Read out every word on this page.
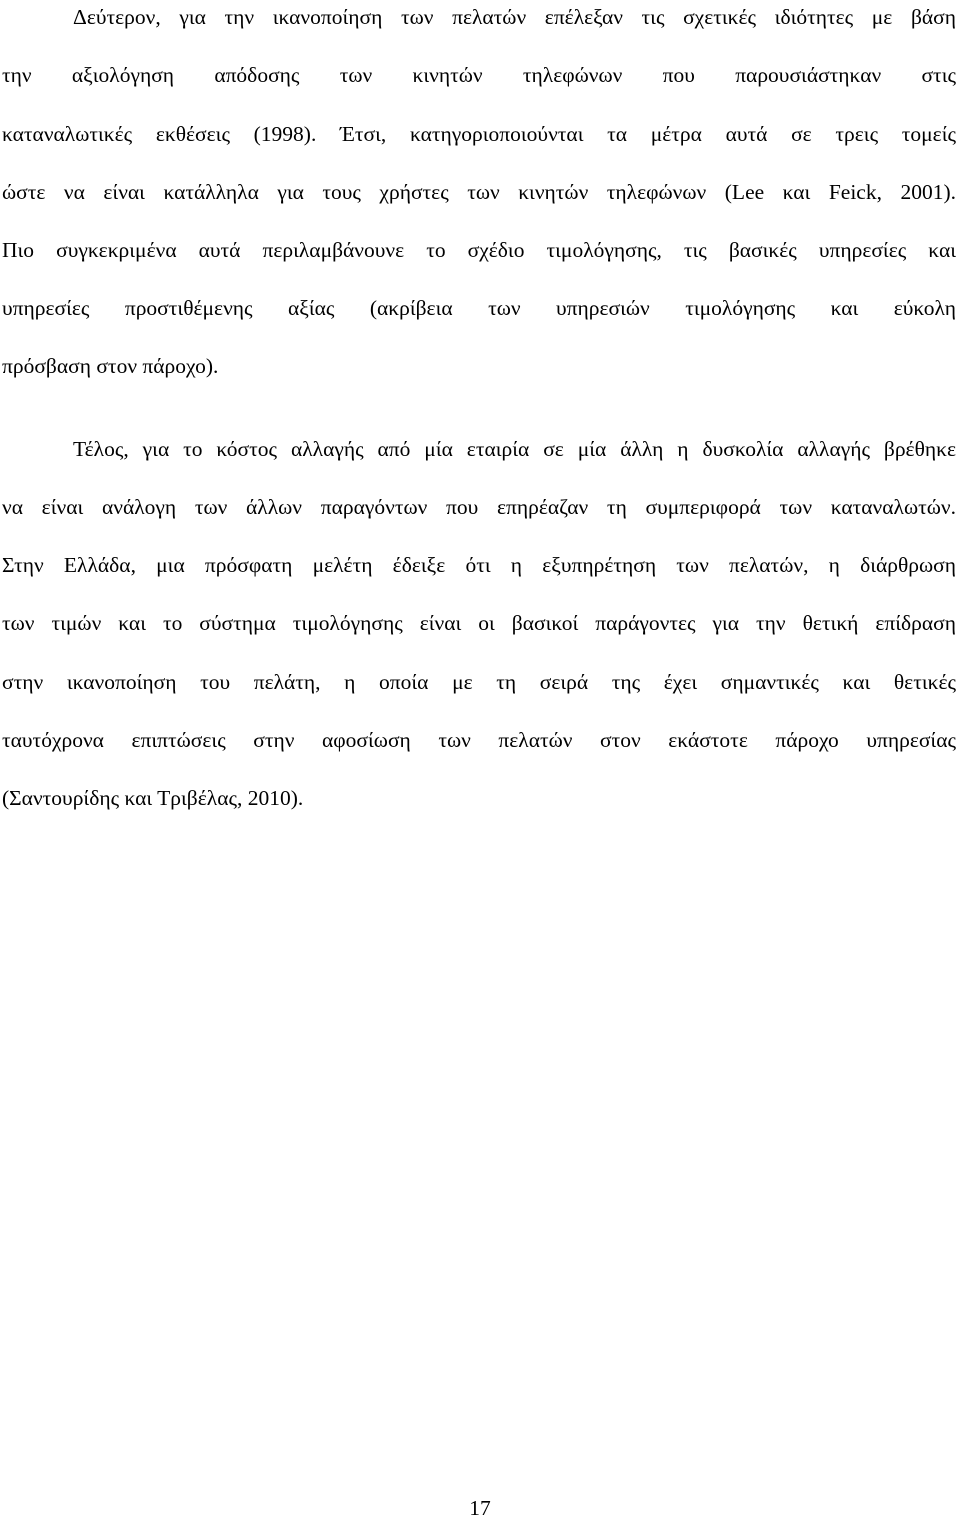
Δεύτερον, για την ικανοποίηση των πελατών επέλεξαν τις σχετικές ιδιότητες με βάση
την αξιολόγηση απόδοσης των κινητών τηλεφώνων που παρουσιάστηκαν στις
καταναλωτικές εκθέσεις (1998). Έτσι, κατηγοριοποιούνται τα μέτρα αυτά σε τρεις τομείς
ώστε να είναι κατάλληλα για τους χρήστες των κινητών τηλεφώνων (Lee και Feick, 2001).
Πιο συγκεκριμένα αυτά περιλαμβάνουνε το σχέδιο τιμολόγησης, τις βασικές υπηρεσίες και
υπηρεσίες προστιθέμενης αξίας (ακρίβεια των υπηρεσιών τιμολόγησης και εύκολη
πρόσβαση στον πάροχο).
Τέλος, για το κόστος αλλαγής από μία εταιρία σε μία άλλη η δυσκολία αλλαγής βρέθηκε
να είναι ανάλογη των άλλων παραγόντων που επηρέαζαν τη συμπεριφορά των καταναλωτών.
Στην Ελλάδα, μια πρόσφατη μελέτη έδειξε ότι η εξυπηρέτηση των πελατών, η διάρθρωση
των τιμών και το σύστημα τιμολόγησης είναι οι βασικοί παράγοντες για την θετική επίδραση
στην ικανοποίηση του πελάτη, η οποία με τη σειρά της έχει σημαντικές και θετικές
ταυτόχρονα επιπτώσεις στην αφοσίωση των πελατών στον εκάστοτε πάροχο υπηρεσίας
(Σαντουρίδης και Τριβέλας, 2010).
17
